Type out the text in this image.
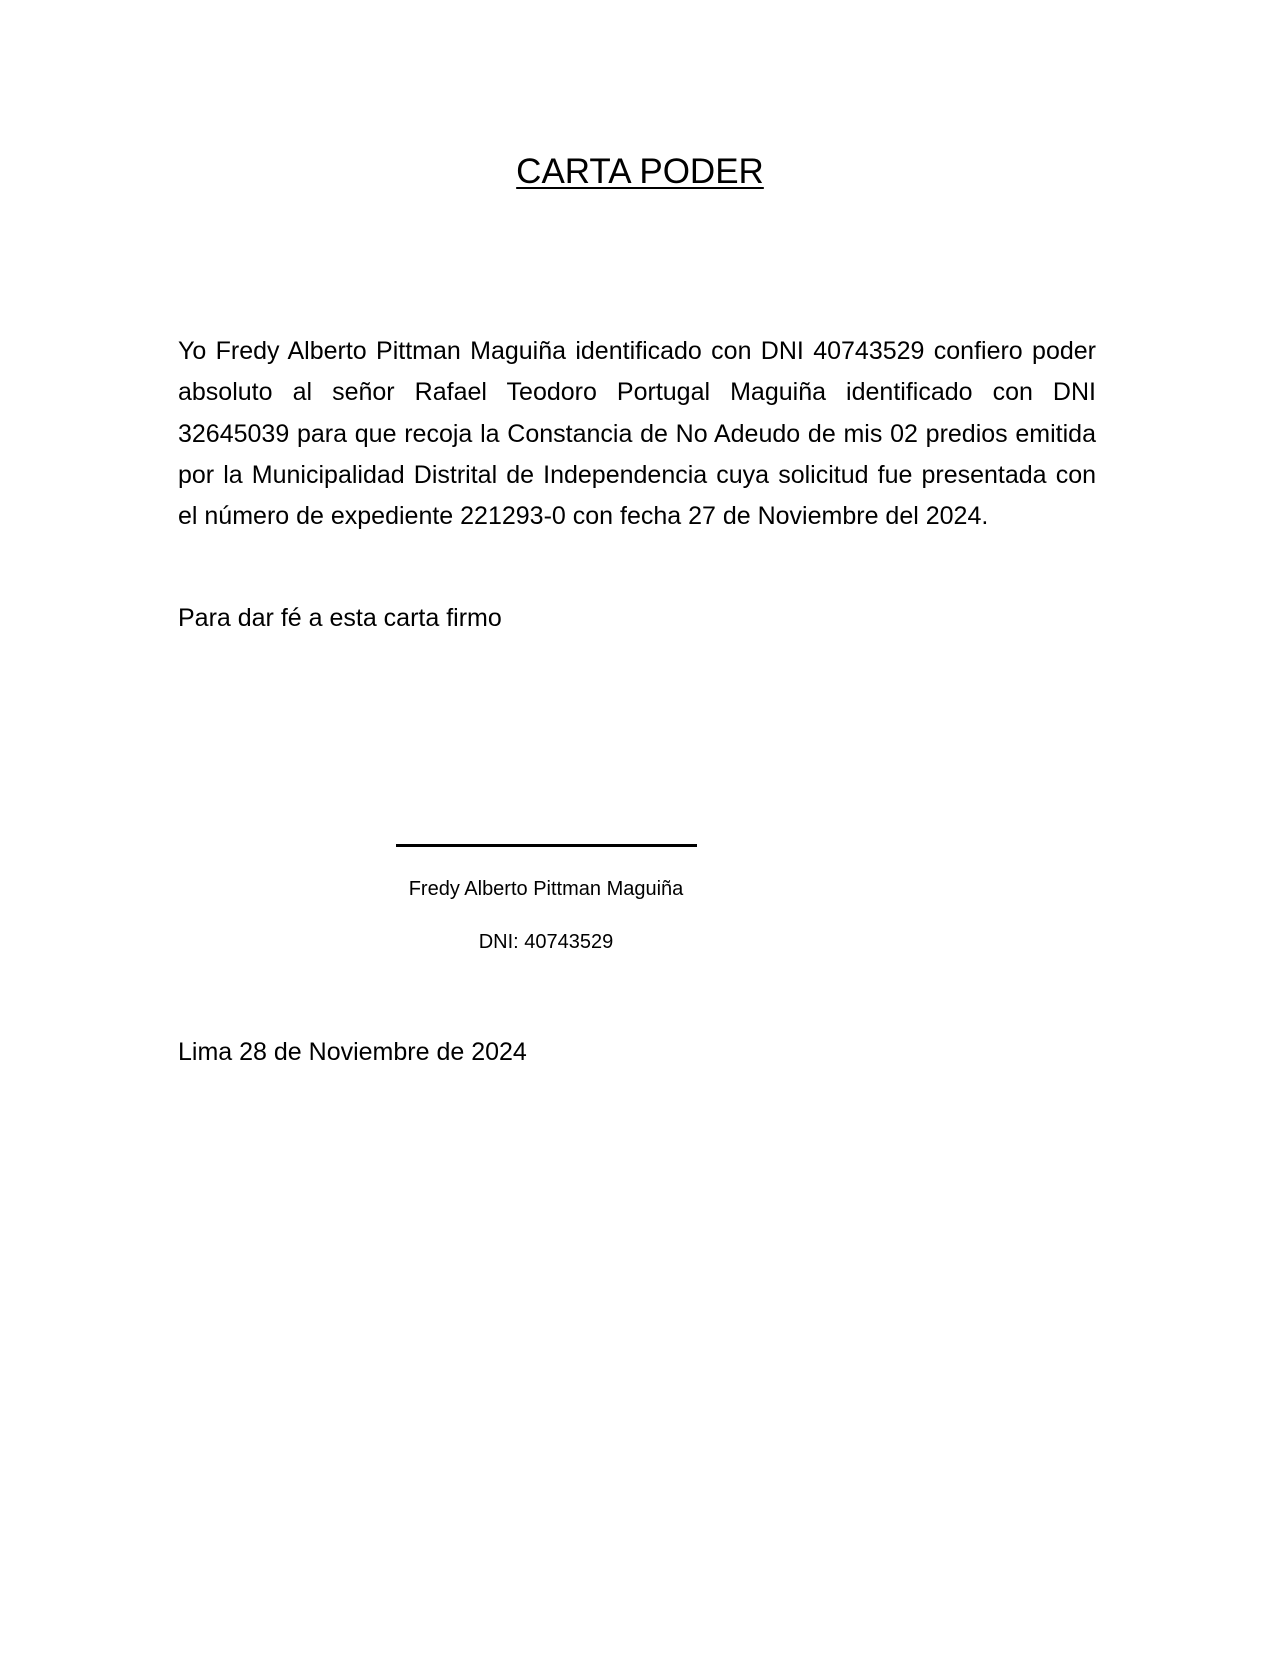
CARTA PODER

Yo Fredy Alberto Pittman Maguiña identificado con DNI 40743529 confiero poder absoluto al señor Rafael Teodoro Portugal Maguiña identificado con DNI 32645039 para que recoja la Constancia de No Adeudo de mis 02 predios emitida por la Municipalidad Distrital de Independencia cuya solicitud fue presentada con el número de expediente 221293-0 con fecha 27 de Noviembre del 2024.

Para dar fé a esta carta firmo

Fredy Alberto Pittman Maguiña

DNI: 40743529

Lima 28 de Noviembre de 2024
